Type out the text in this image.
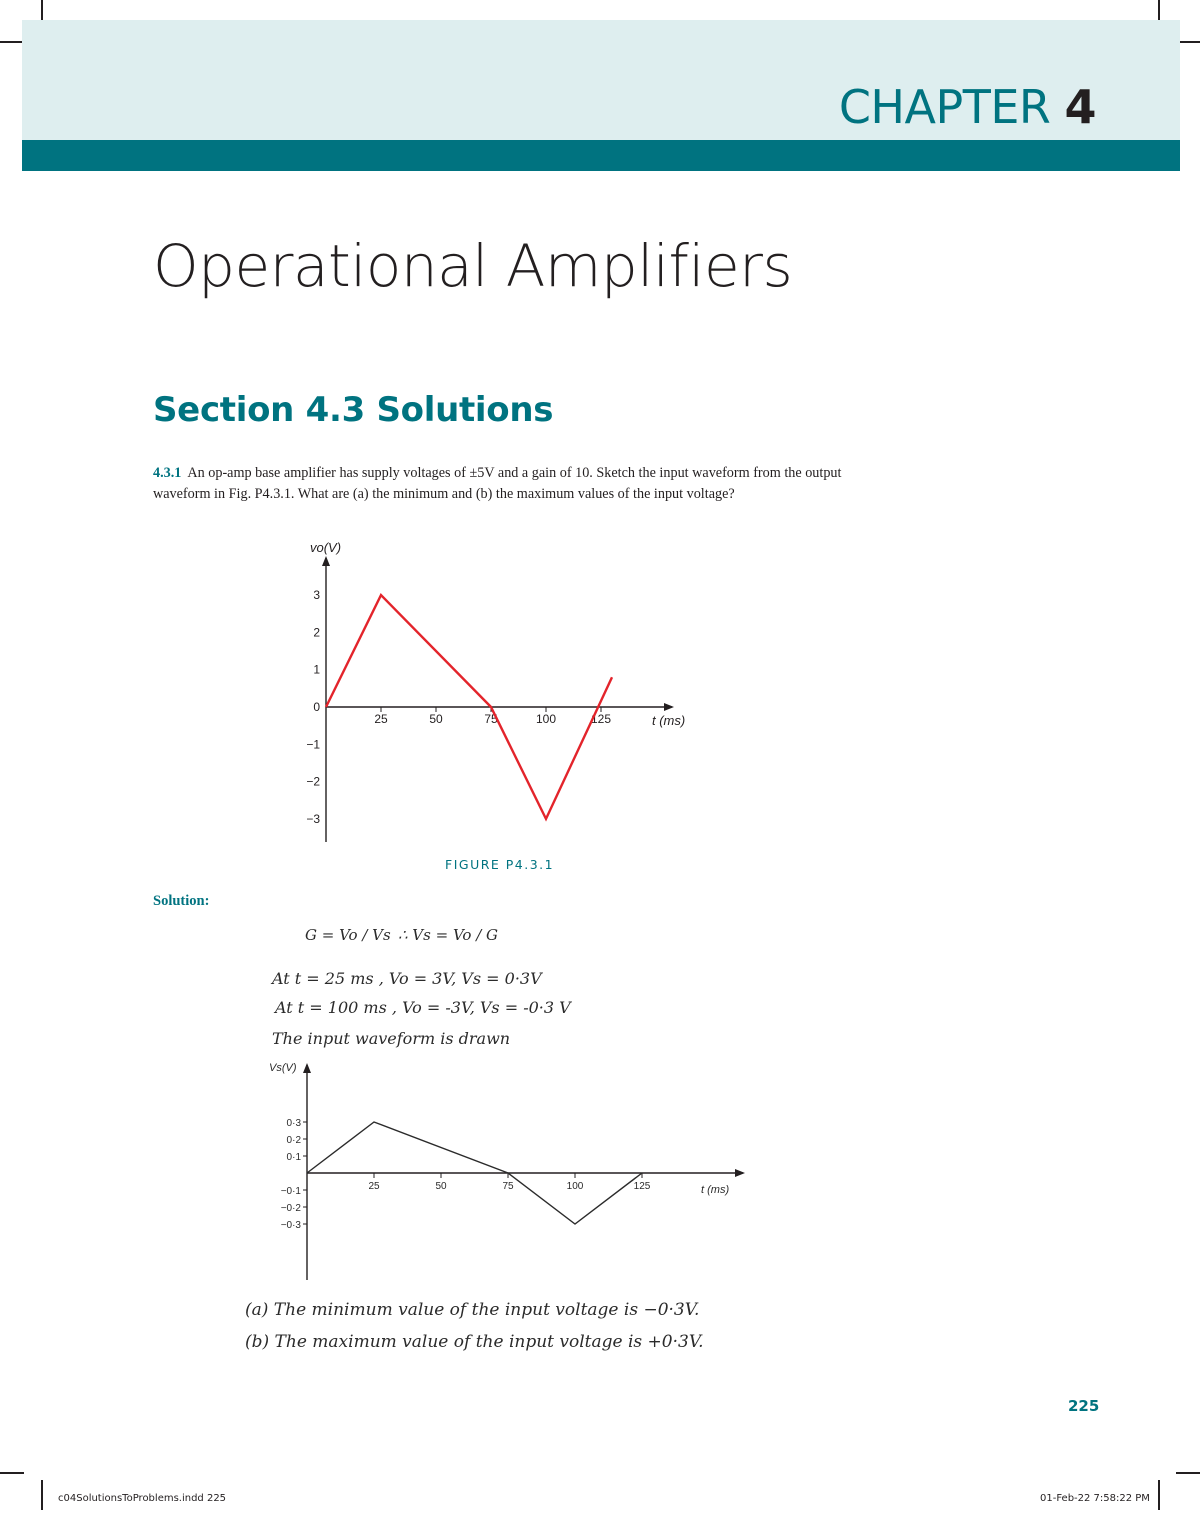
CHAPTER 4
Operational Amplifiers
Section 4.3 Solutions
4.3.1 An op-amp base amplifier has supply voltages of ±5V and a gain of 10. Sketch the input waveform from the output waveform in Fig. P4.3.1. What are (a) the minimum and (b) the maximum values of the input voltage?
3
2
1
0
−1
−2
−3
25	50	75	100	125
vo(V)
t (ms)
FIGURE P4.3.1
Solution:
G = Vo / Vs ∴ Vs = Vo / G
At t = 25 ms , Vo = 3V, Vs = 0·3V
At t = 100 ms , Vo = -3V, Vs = -0·3 V
The input waveform is drawn
0·3
0·2
0·1
−0·1
−0·2
−0·3
25	50	75	100	125
Vs(V)
t (ms)
(a) The minimum value of the input voltage is −0·3V.
(b) The maximum value of the input voltage is +0·3V.
225
c04SolutionsToProblems.indd 225	01-Feb-22 7:58:22 PM
